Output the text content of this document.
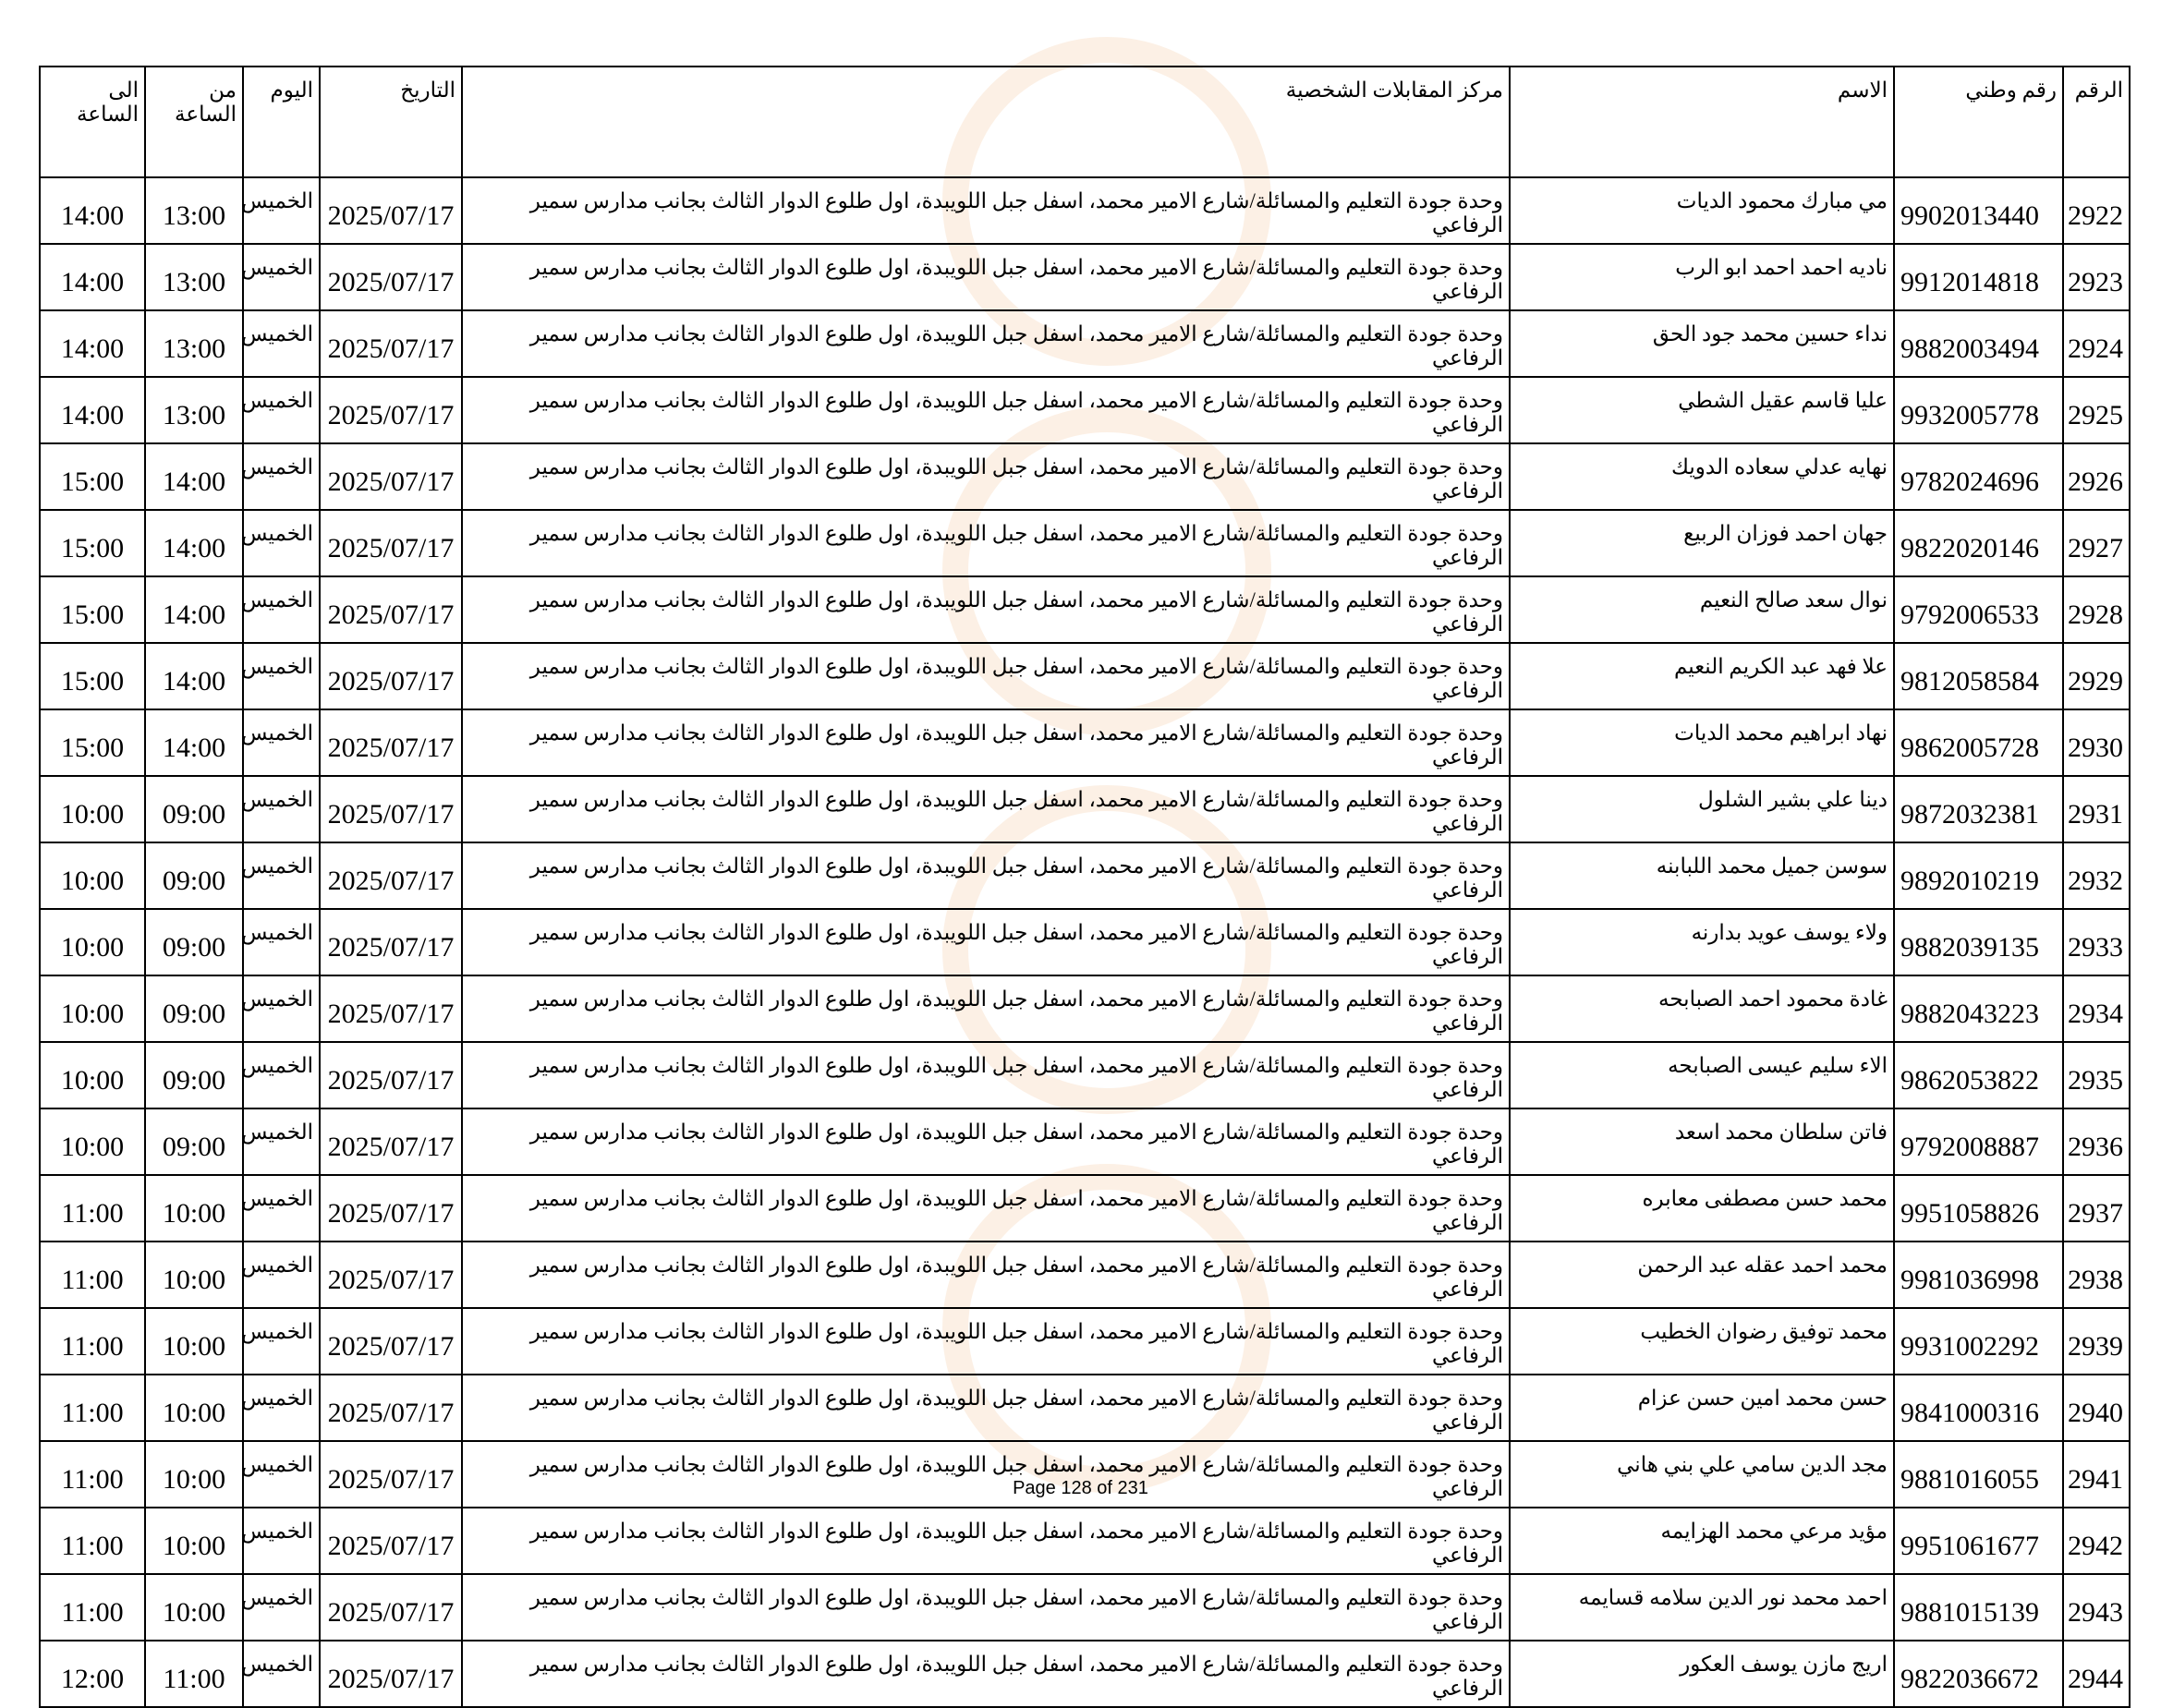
الرقم	رقم وطني	الاسم	مركز المقابلات الشخصية	التاريخ	اليوم	من الساعة	الى الساعة
2922	9902013440	مي مبارك محمود الديات	وحدة جودة التعليم والمسائلة/شارع الامير محمد، اسفل جبل اللويبدة، اول طلوع الدوار الثالث بجانب مدارس سمير الرفاعي	2025/07/17	الخميس	13:00	14:00
2923	9912014818	ناديه احمد احمد ابو الرب	وحدة جودة التعليم والمسائلة/شارع الامير محمد، اسفل جبل اللويبدة، اول طلوع الدوار الثالث بجانب مدارس سمير الرفاعي	2025/07/17	الخميس	13:00	14:00
2924	9882003494	نداء حسين محمد جود الحق	وحدة جودة التعليم والمسائلة/شارع الامير محمد، اسفل جبل اللويبدة، اول طلوع الدوار الثالث بجانب مدارس سمير الرفاعي	2025/07/17	الخميس	13:00	14:00
2925	9932005778	عليا قاسم عقيل الشطي	وحدة جودة التعليم والمسائلة/شارع الامير محمد، اسفل جبل اللويبدة، اول طلوع الدوار الثالث بجانب مدارس سمير الرفاعي	2025/07/17	الخميس	13:00	14:00
2926	9782024696	نهايه عدلي سعاده الدويك	وحدة جودة التعليم والمسائلة/شارع الامير محمد، اسفل جبل اللويبدة، اول طلوع الدوار الثالث بجانب مدارس سمير الرفاعي	2025/07/17	الخميس	14:00	15:00
2927	9822020146	جهان احمد فوزان الربيع	وحدة جودة التعليم والمسائلة/شارع الامير محمد، اسفل جبل اللويبدة، اول طلوع الدوار الثالث بجانب مدارس سمير الرفاعي	2025/07/17	الخميس	14:00	15:00
2928	9792006533	نوال سعد صالح النعيم	وحدة جودة التعليم والمسائلة/شارع الامير محمد، اسفل جبل اللويبدة، اول طلوع الدوار الثالث بجانب مدارس سمير الرفاعي	2025/07/17	الخميس	14:00	15:00
2929	9812058584	علا فهد عبد الكريم النعيم	وحدة جودة التعليم والمسائلة/شارع الامير محمد، اسفل جبل اللويبدة، اول طلوع الدوار الثالث بجانب مدارس سمير الرفاعي	2025/07/17	الخميس	14:00	15:00
2930	9862005728	نهاد ابراهيم محمد الديات	وحدة جودة التعليم والمسائلة/شارع الامير محمد، اسفل جبل اللويبدة، اول طلوع الدوار الثالث بجانب مدارس سمير الرفاعي	2025/07/17	الخميس	14:00	15:00
2931	9872032381	دينا علي بشير الشلول	وحدة جودة التعليم والمسائلة/شارع الامير محمد، اسفل جبل اللويبدة، اول طلوع الدوار الثالث بجانب مدارس سمير الرفاعي	2025/07/17	الخميس	09:00	10:00
2932	9892010219	سوسن جميل محمد اللبابنه	وحدة جودة التعليم والمسائلة/شارع الامير محمد، اسفل جبل اللويبدة، اول طلوع الدوار الثالث بجانب مدارس سمير الرفاعي	2025/07/17	الخميس	09:00	10:00
2933	9882039135	ولاء يوسف عويد بدارنه	وحدة جودة التعليم والمسائلة/شارع الامير محمد، اسفل جبل اللويبدة، اول طلوع الدوار الثالث بجانب مدارس سمير الرفاعي	2025/07/17	الخميس	09:00	10:00
2934	9882043223	غادة محمود احمد الصبابحه	وحدة جودة التعليم والمسائلة/شارع الامير محمد، اسفل جبل اللويبدة، اول طلوع الدوار الثالث بجانب مدارس سمير الرفاعي	2025/07/17	الخميس	09:00	10:00
2935	9862053822	الاء سليم عيسى الصبابحه	وحدة جودة التعليم والمسائلة/شارع الامير محمد، اسفل جبل اللويبدة، اول طلوع الدوار الثالث بجانب مدارس سمير الرفاعي	2025/07/17	الخميس	09:00	10:00
2936	9792008887	فاتن سلطان محمد اسعد	وحدة جودة التعليم والمسائلة/شارع الامير محمد، اسفل جبل اللويبدة، اول طلوع الدوار الثالث بجانب مدارس سمير الرفاعي	2025/07/17	الخميس	09:00	10:00
2937	9951058826	محمد حسن مصطفى معابره	وحدة جودة التعليم والمسائلة/شارع الامير محمد، اسفل جبل اللويبدة، اول طلوع الدوار الثالث بجانب مدارس سمير الرفاعي	2025/07/17	الخميس	10:00	11:00
2938	9981036998	محمد احمد عقله عبد الرحمن	وحدة جودة التعليم والمسائلة/شارع الامير محمد، اسفل جبل اللويبدة، اول طلوع الدوار الثالث بجانب مدارس سمير الرفاعي	2025/07/17	الخميس	10:00	11:00
2939	9931002292	محمد توفيق رضوان الخطيب	وحدة جودة التعليم والمسائلة/شارع الامير محمد، اسفل جبل اللويبدة، اول طلوع الدوار الثالث بجانب مدارس سمير الرفاعي	2025/07/17	الخميس	10:00	11:00
2940	9841000316	حسن محمد امين حسن عزام	وحدة جودة التعليم والمسائلة/شارع الامير محمد، اسفل جبل اللويبدة، اول طلوع الدوار الثالث بجانب مدارس سمير الرفاعي	2025/07/17	الخميس	10:00	11:00
2941	9881016055	مجد الدين سامي علي بني هاني	وحدة جودة التعليم والمسائلة/شارع الامير محمد، اسفل جبل اللويبدة، اول طلوع الدوار الثالث بجانب مدارس سمير الرفاعي	2025/07/17	الخميس	10:00	11:00
2942	9951061677	مؤيد مرعي محمد الهزايمه	وحدة جودة التعليم والمسائلة/شارع الامير محمد، اسفل جبل اللويبدة، اول طلوع الدوار الثالث بجانب مدارس سمير الرفاعي	2025/07/17	الخميس	10:00	11:00
2943	9881015139	احمد محمد نور الدين سلامه قسايمه	وحدة جودة التعليم والمسائلة/شارع الامير محمد، اسفل جبل اللويبدة، اول طلوع الدوار الثالث بجانب مدارس سمير الرفاعي	2025/07/17	الخميس	10:00	11:00
2944	9822036672	اريج مازن يوسف العكور	وحدة جودة التعليم والمسائلة/شارع الامير محمد، اسفل جبل اللويبدة، اول طلوع الدوار الثالث بجانب مدارس سمير الرفاعي	2025/07/17	الخميس	11:00	12:00
Page 128 of 231
